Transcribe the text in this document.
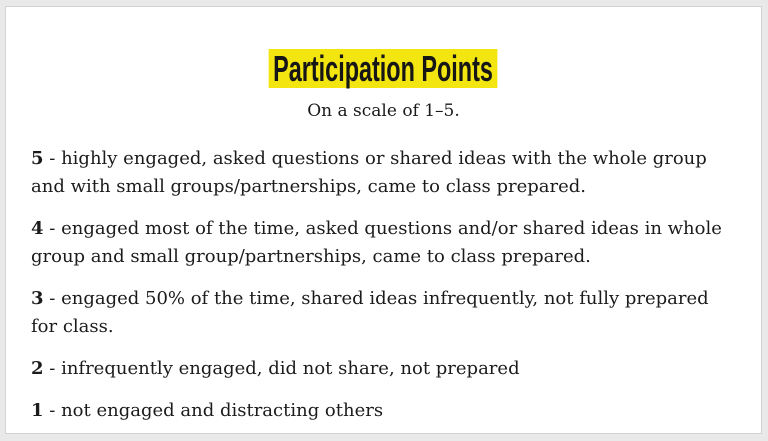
Participation Points
On a scale of 1–5.

5 - highly engaged, asked questions or shared ideas with the whole group and with small groups/partnerships, came to class prepared.

4 - engaged most of the time, asked questions and/or shared ideas in whole group and small group/partnerships, came to class prepared.

3 - engaged 50% of the time, shared ideas infrequently, not fully prepared for class.

2 - infrequently engaged, did not share, not prepared

1 - not engaged and distracting others
